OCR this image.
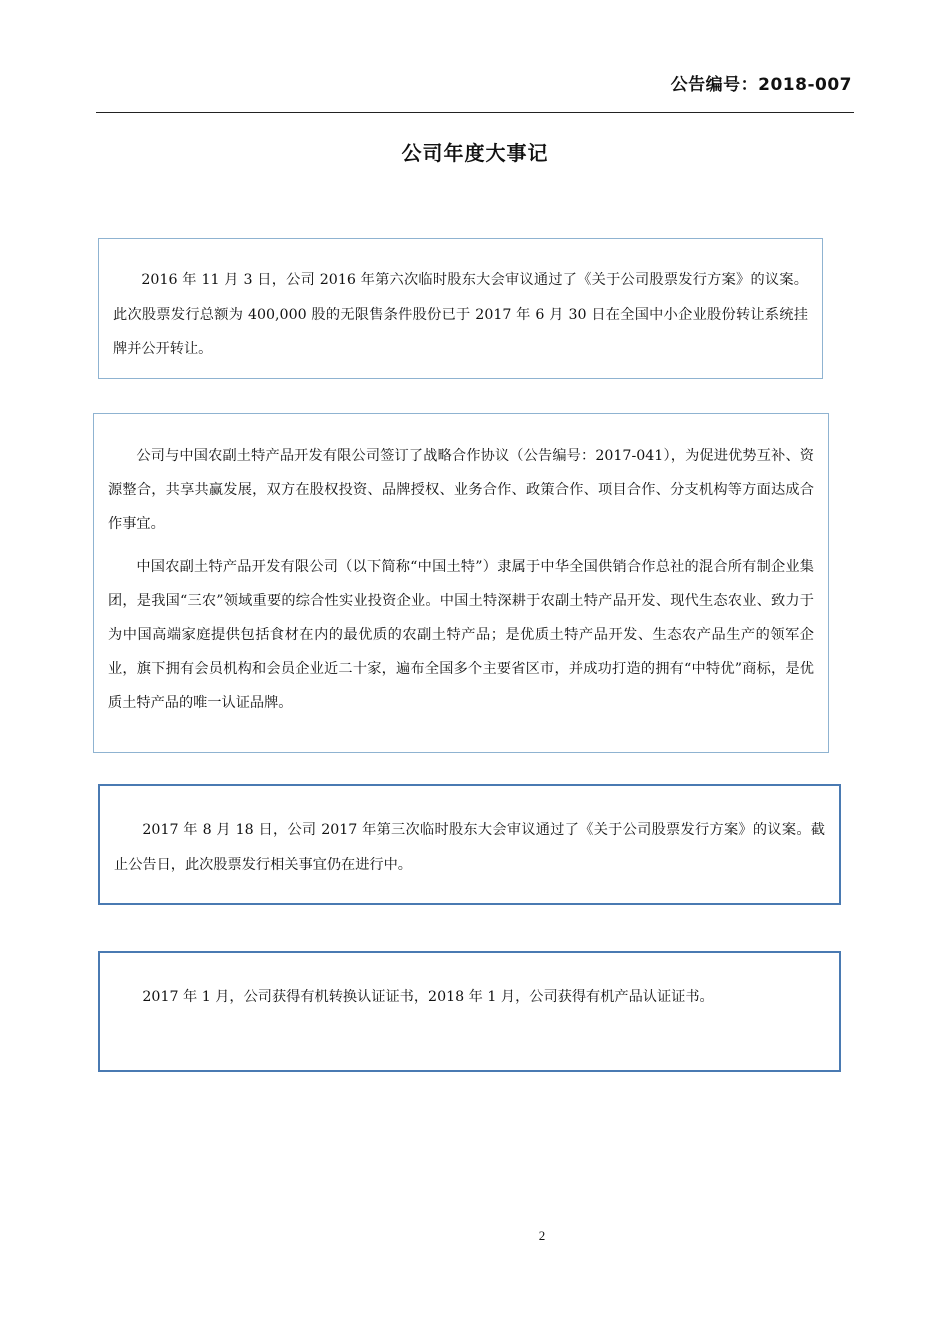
公告编号：2018-007
公司年度大事记

2016 年 11 月 3 日，公司 2016 年第六次临时股东大会审议通过了《关于公司股票发行方案》的议案。此次股票发行总额为 400,000 股的无限售条件股份已于 2017 年 6 月 30 日在全国中小企业股份转让系统挂牌并公开转让。

公司与中国农副土特产品开发有限公司签订了战略合作协议（公告编号：2017-041），为促进优势互补、资源整合，共享共赢发展，双方在股权投资、品牌授权、业务合作、政策合作、项目合作、分支机构等方面达成合作事宜。

中国农副土特产品开发有限公司（以下简称“中国土特”）隶属于中华全国供销合作总社的混合所有制企业集团，是我国“三农”领域重要的综合性实业投资企业。中国土特深耕于农副土特产品开发、现代生态农业、致力于为中国高端家庭提供包括食材在内的最优质的农副土特产品；是优质土特产品开发、生态农产品生产的领军企业，旗下拥有会员机构和会员企业近二十家，遍布全国多个主要省区市，并成功打造的拥有“中特优”商标，是优质土特产品的唯一认证品牌。

2017 年 8 月 18 日，公司 2017 年第三次临时股东大会审议通过了《关于公司股票发行方案》的议案。截止公告日，此次股票发行相关事宜仍在进行中。

2017 年 1 月，公司获得有机转换认证证书，2018 年 1 月，公司获得有机产品认证证书。

2
